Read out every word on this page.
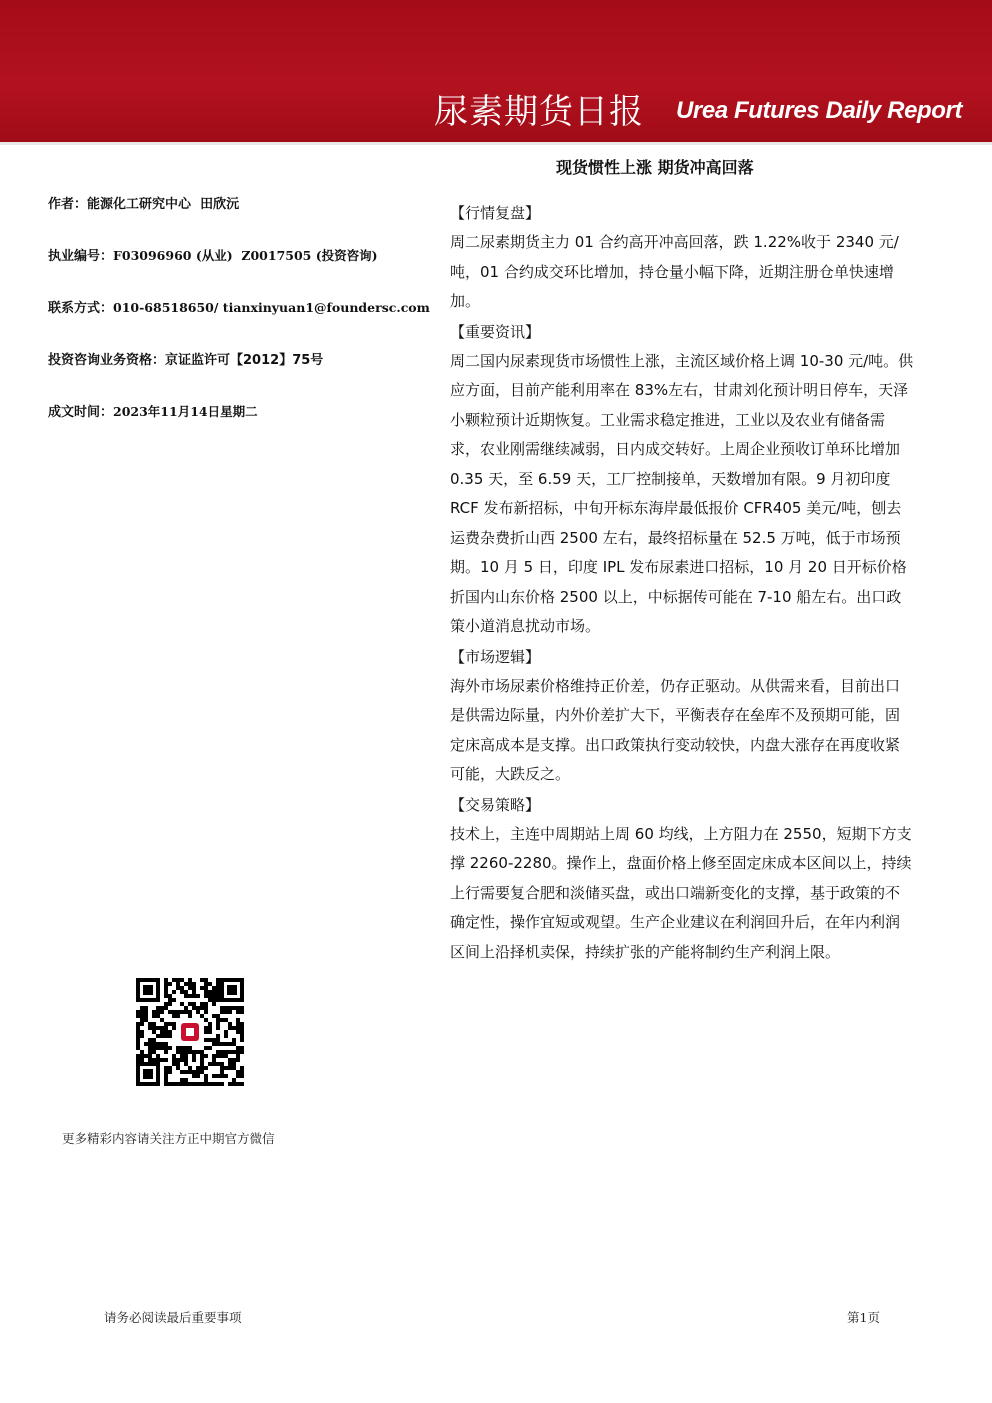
尿素期货日报 Urea Futures Daily Report
现货惯性上涨 期货冲高回落
作者：能源化工研究中心  田欣沅
执业编号：F03096960 (从业)  Z0017505 (投资咨询)
联系方式：010-68518650/ tianxinyuan1@foundersc.com
投资咨询业务资格：京证监许可【2012】75号
成文时间：2023年11月14日星期二
【行情复盘】
周二尿素期货主力 01 合约高开冲高回落，跌 1.22%收于 2340 元/吨，01 合约成交环比增加，持仓量小幅下降，近期注册仓单快速增加。
【重要资讯】
周二国内尿素现货市场惯性上涨，主流区域价格上调 10-30 元/吨。供应方面，目前产能利用率在 83%左右，甘肃刘化预计明日停车，天泽小颗粒预计近期恢复。工业需求稳定推进，工业以及农业有储备需求，农业刚需继续减弱，日内成交转好。上周企业预收订单环比增加 0.35 天，至 6.59 天，工厂控制接单，天数增加有限。9 月初印度 RCF 发布新招标，中旬开标东海岸最低报价 CFR405 美元/吨，刨去运费杂费折山西 2500 左右，最终招标量在 52.5 万吨，低于市场预期。10 月 5 日，印度 IPL 发布尿素进口招标，10 月 20 日开标价格折国内山东价格 2500 以上，中标据传可能在 7-10 船左右。出口政策小道消息扰动市场。
【市场逻辑】
海外市场尿素价格维持正价差，仍存正驱动。从供需来看，目前出口是供需边际量，内外价差扩大下，平衡表存在垒库不及预期可能，固定床高成本是支撑。出口政策执行变动较快，内盘大涨存在再度收紧可能，大跌反之。
【交易策略】
技术上，主连中周期站上周 60 均线，上方阻力在 2550，短期下方支撑 2260-2280。操作上，盘面价格上修至固定床成本区间以上，持续上行需要复合肥和淡储买盘，或出口端新变化的支撑，基于政策的不确定性，操作宜短或观望。生产企业建议在利润回升后，在年内利润区间上沿择机卖保，持续扩张的产能将制约生产利润上限。
更多精彩内容请关注方正中期官方微信
请务必阅读最后重要事项	第1页
